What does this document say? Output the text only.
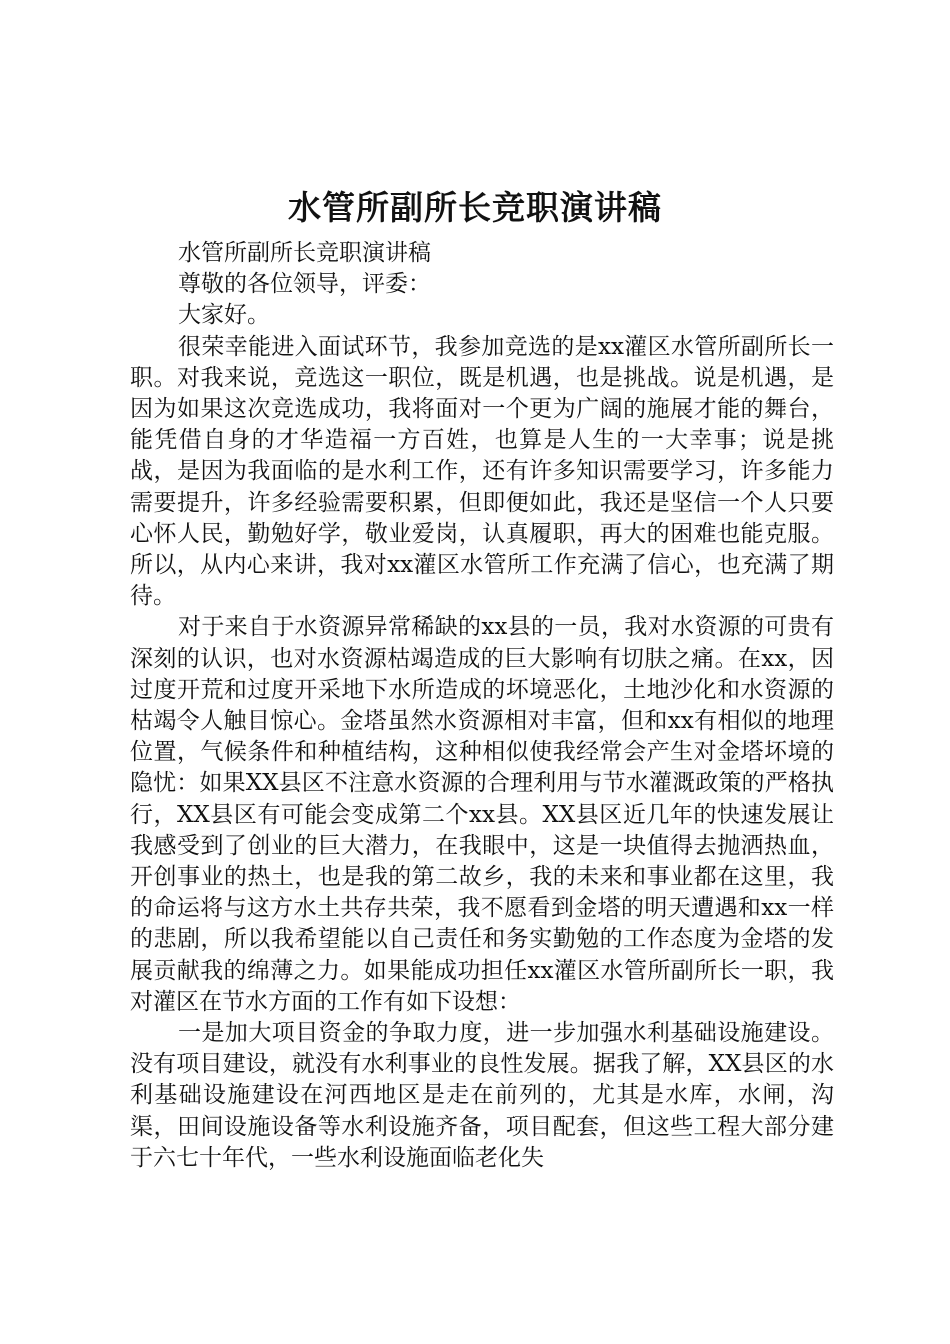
水管所副所长竞职演讲稿

水管所副所长竞职演讲稿

尊敬的各位领导，评委：

大家好。

很荣幸能进入面试环节，我参加竞选的是xx灌区水管所副所长一职。对我来说，竞选这一职位，既是机遇，也是挑战。说是机遇，是因为如果这次竞选成功，我将面对一个更为广阔的施展才能的舞台，能凭借自身的才华造福一方百姓，也算是人生的一大幸事；说是挑战，是因为我面临的是水利工作，还有许多知识需要学习，许多能力需要提升，许多经验需要积累，但即便如此，我还是坚信一个人只要心怀人民，勤勉好学，敬业爱岗，认真履职，再大的困难也能克服。所以，从内心来讲，我对xx灌区水管所工作充满了信心，也充满了期待。

对于来自于水资源异常稀缺的xx县的一员，我对水资源的可贵有深刻的认识，也对水资源枯竭造成的巨大影响有切肤之痛。在xx，因过度开荒和过度开采地下水所造成的坏境恶化，土地沙化和水资源的枯竭令人触目惊心。金塔虽然水资源相对丰富，但和xx有相似的地理位置，气候条件和种植结构，这种相似使我经常会产生对金塔坏境的隐忧：如果XX县区不注意水资源的合理利用与节水灌溉政策的严格执行，XX县区有可能会变成第二个xx县。XX县区近几年的快速发展让我感受到了创业的巨大潜力，在我眼中，这是一块值得去抛洒热血，开创事业的热土，也是我的第二故乡，我的未来和事业都在这里，我的命运将与这方水土共存共荣，我不愿看到金塔的明天遭遇和xx一样的悲剧，所以我希望能以自己责任和务实勤勉的工作态度为金塔的发展贡献我的绵薄之力。如果能成功担任xx灌区水管所副所长一职，我对灌区在节水方面的工作有如下设想：

一是加大项目资金的争取力度，进一步加强水利基础设施建设。没有项目建设，就没有水利事业的良性发展。据我了解，XX县区的水利基础设施建设在河西地区是走在前列的，尤其是水库，水闸，沟渠，田间设施设备等水利设施齐备，项目配套，但这些工程大部分建于六七十年代，一些水利设施面临老化失
